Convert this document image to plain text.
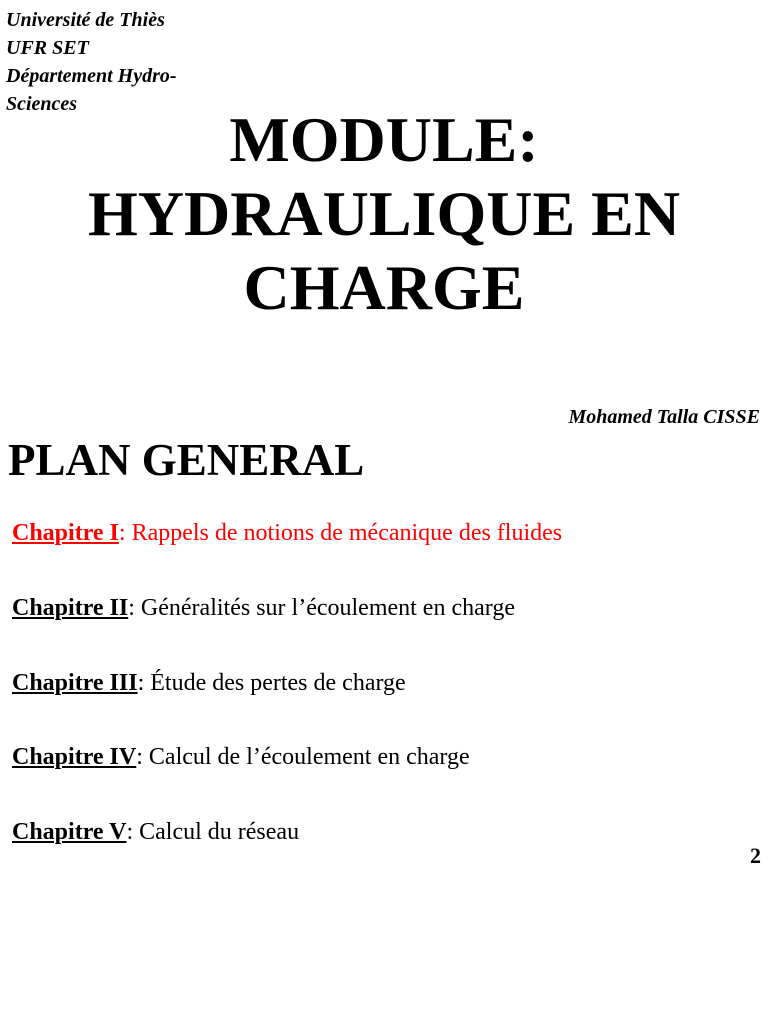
Université de Thiès
UFR SET
Département Hydro-
Sciences	MODULE:
HYDRAULIQUE EN
CHARGE
Mohamed Talla CISSE
PLAN GENERAL
Chapitre I: Rappels de notions de mécanique des fluides
Chapitre II: Généralités sur l’écoulement en charge
Chapitre III: Étude des pertes de charge
Chapitre IV: Calcul de l’écoulement en charge
Chapitre V: Calcul du réseau
2
